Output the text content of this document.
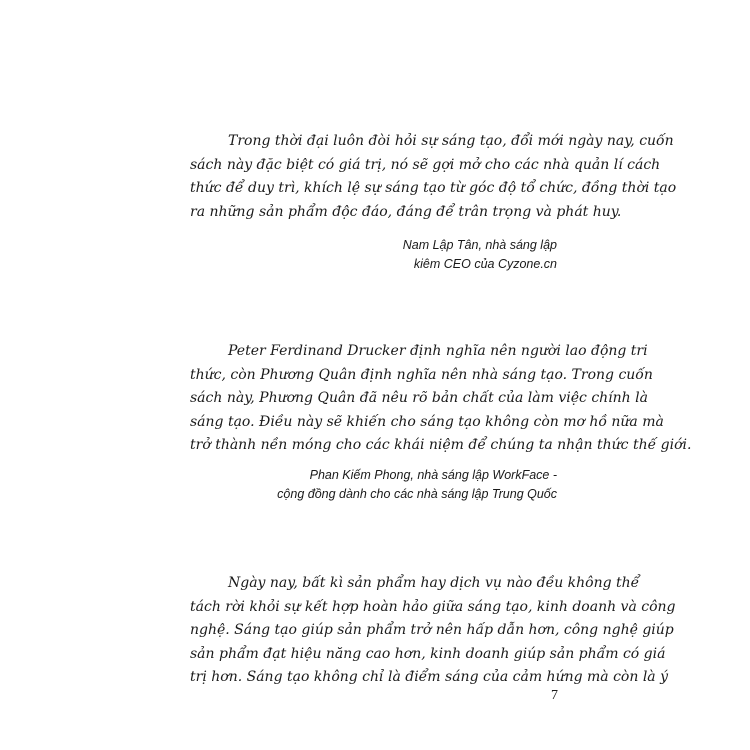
Trong thời đại luôn đòi hỏi sự sáng tạo, đổi mới ngày nay, cuốn
sách này đặc biệt có giá trị, nó sẽ gợi mở cho các nhà quản lí cách
thức để duy trì, khích lệ sự sáng tạo từ góc độ tổ chức, đồng thời tạo
ra những sản phẩm độc đáo, đáng để trân trọng và phát huy.

Nam Lập Tân, nhà sáng lập
kiêm CEO của Cyzone.cn

Peter Ferdinand Drucker định nghĩa nên người lao động tri
thức, còn Phương Quân định nghĩa nên nhà sáng tạo. Trong cuốn
sách này, Phương Quân đã nêu rõ bản chất của làm việc chính là
sáng tạo. Điều này sẽ khiến cho sáng tạo không còn mơ hồ nữa mà
trở thành nền móng cho các khái niệm để chúng ta nhận thức thế giới.

Phan Kiếm Phong, nhà sáng lập WorkFace -
cộng đồng dành cho các nhà sáng lập Trung Quốc

Ngày nay, bất kì sản phẩm hay dịch vụ nào đều không thể
tách rời khỏi sự kết hợp hoàn hảo giữa sáng tạo, kinh doanh và công
nghệ. Sáng tạo giúp sản phẩm trở nên hấp dẫn hơn, công nghệ giúp
sản phẩm đạt hiệu năng cao hơn, kinh doanh giúp sản phẩm có giá
trị hơn. Sáng tạo không chỉ là điểm sáng của cảm hứng mà còn là ý

7
